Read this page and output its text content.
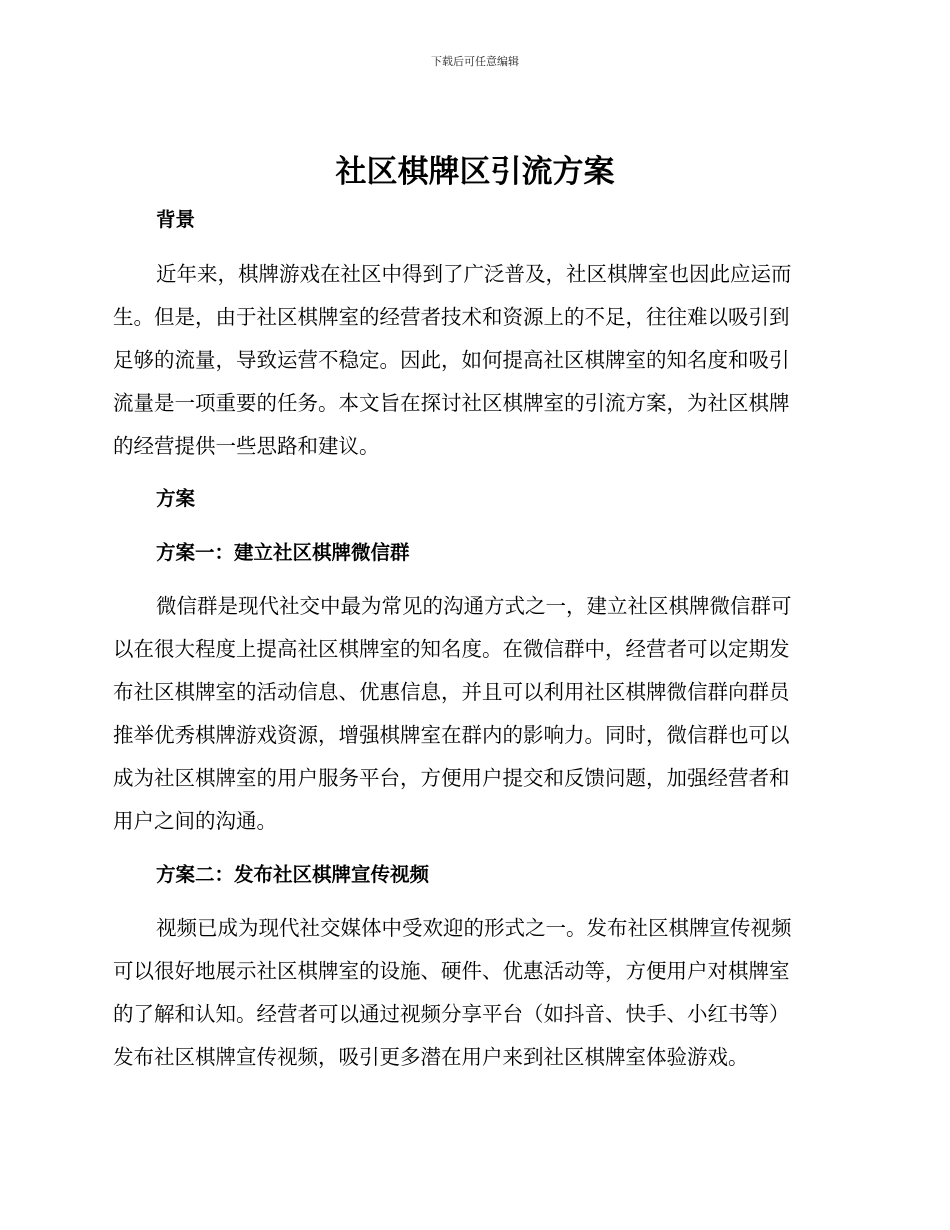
下载后可任意编辑
社区棋牌区引流方案
背景
近年来，棋牌游戏在社区中得到了广泛普及，社区棋牌室也因此应运而
生。但是，由于社区棋牌室的经营者技术和资源上的不足，往往难以吸引到
足够的流量，导致运营不稳定。因此，如何提高社区棋牌室的知名度和吸引
流量是一项重要的任务。本文旨在探讨社区棋牌室的引流方案，为社区棋牌
的经营提供一些思路和建议。
方案
方案一：建立社区棋牌微信群
微信群是现代社交中最为常见的沟通方式之一，建立社区棋牌微信群可
以在很大程度上提高社区棋牌室的知名度。在微信群中，经营者可以定期发
布社区棋牌室的活动信息、优惠信息，并且可以利用社区棋牌微信群向群员
推举优秀棋牌游戏资源，增强棋牌室在群内的影响力。同时，微信群也可以
成为社区棋牌室的用户服务平台，方便用户提交和反馈问题，加强经营者和
用户之间的沟通。
方案二：发布社区棋牌宣传视频
视频已成为现代社交媒体中受欢迎的形式之一。发布社区棋牌宣传视频
可以很好地展示社区棋牌室的设施、硬件、优惠活动等，方便用户对棋牌室
的了解和认知。经营者可以通过视频分享平台（如抖音、快手、小红书等）
发布社区棋牌宣传视频，吸引更多潜在用户来到社区棋牌室体验游戏。
